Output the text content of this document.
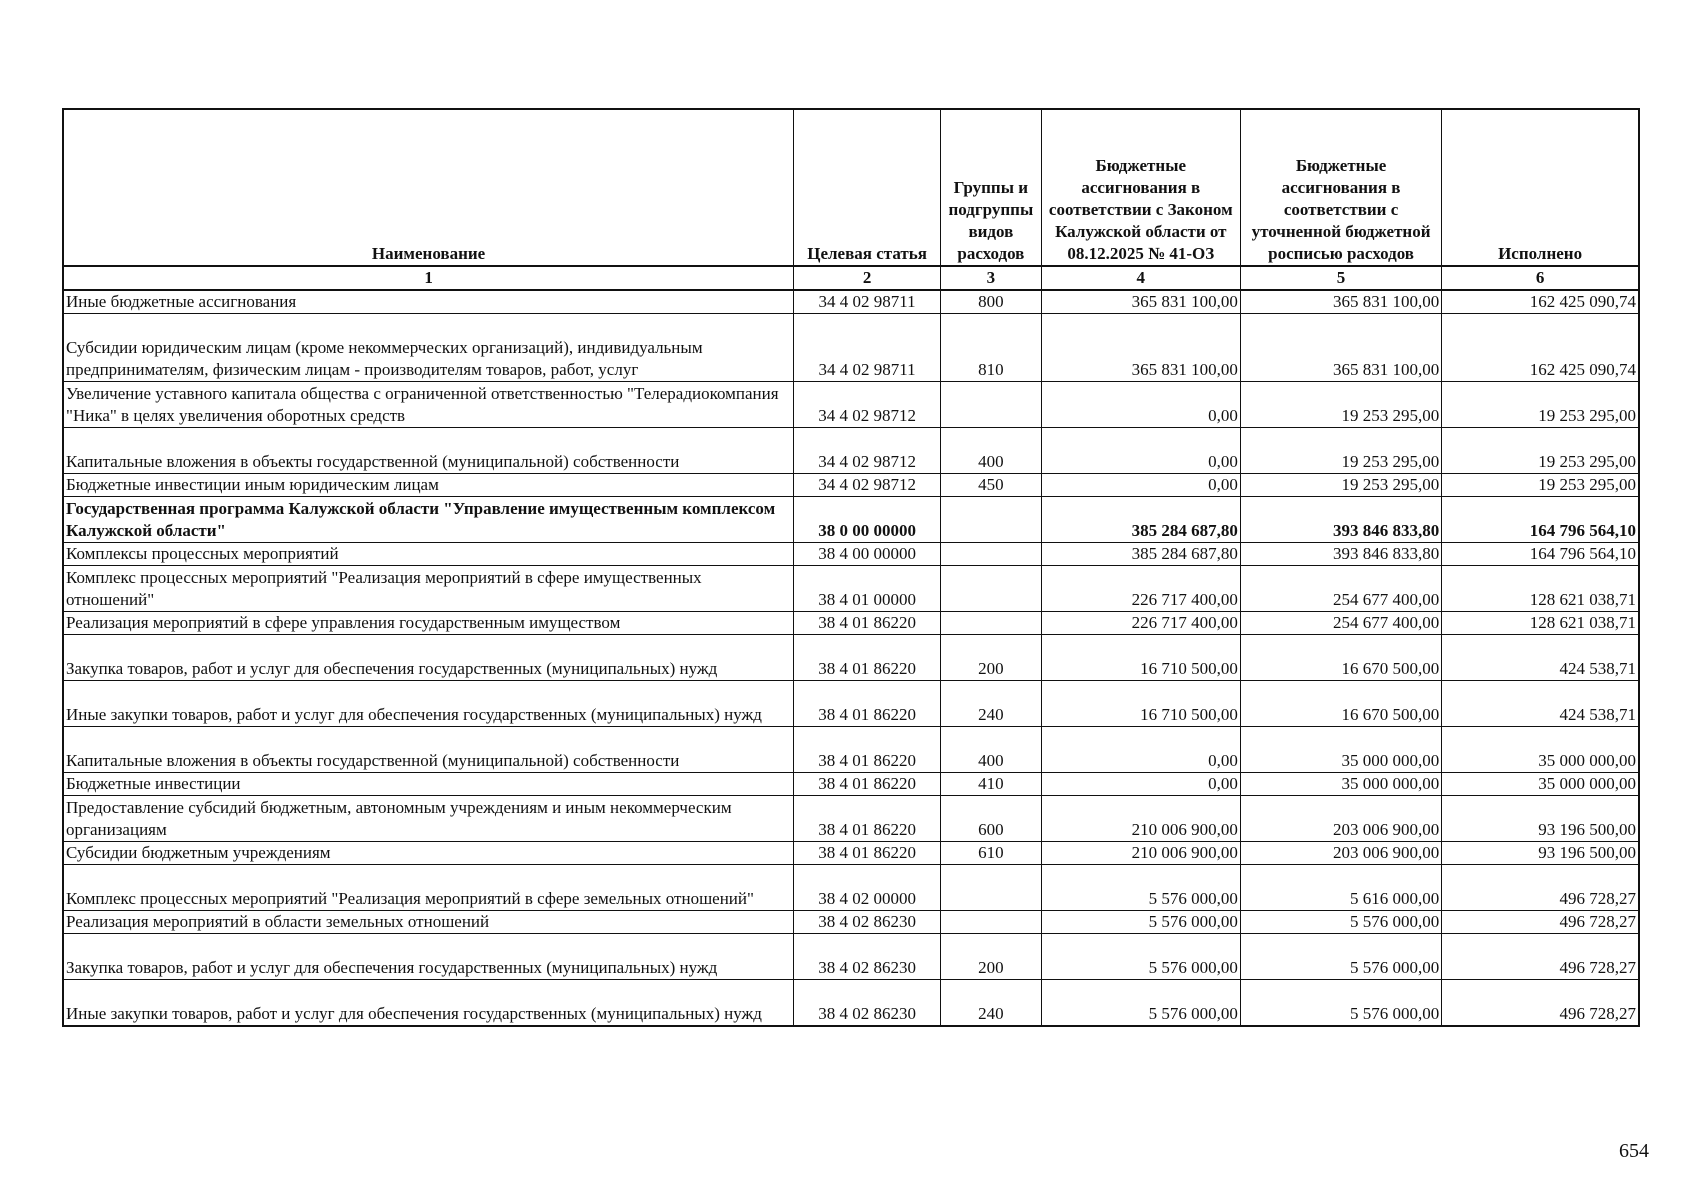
Наименование	Целевая статья	Группы и подгруппы видов расходов	Бюджетные ассигнования в соответствии с Законом Калужской области от 08.12.2025 № 41-ОЗ	Бюджетные ассигнования в соответствии с уточненной бюджетной росписью расходов	Исполнено
1	2	3	4	5	6
Иные бюджетные ассигнования	34 4 02 98711	800	365 831 100,00	365 831 100,00	162 425 090,74
Субсидии юридическим лицам (кроме некоммерческих организаций), индивидуальным предпринимателям, физическим лицам - производителям товаров, работ, услуг	34 4 02 98711	810	365 831 100,00	365 831 100,00	162 425 090,74
Увеличение уставного капитала общества с ограниченной ответственностью "Телерадиокомпания "Ника" в целях увеличения оборотных средств	34 4 02 98712		0,00	19 253 295,00	19 253 295,00
Капитальные вложения в объекты государственной (муниципальной) собственности	34 4 02 98712	400	0,00	19 253 295,00	19 253 295,00
Бюджетные инвестиции иным юридическим лицам	34 4 02 98712	450	0,00	19 253 295,00	19 253 295,00
Государственная программа Калужской области "Управление имущественным комплексом Калужской области"	38 0 00 00000		385 284 687,80	393 846 833,80	164 796 564,10
Комплексы процессных мероприятий	38 4 00 00000		385 284 687,80	393 846 833,80	164 796 564,10
Комплекс процессных мероприятий "Реализация мероприятий в сфере имущественных отношений"	38 4 01 00000		226 717 400,00	254 677 400,00	128 621 038,71
Реализация мероприятий в сфере управления государственным имуществом	38 4 01 86220		226 717 400,00	254 677 400,00	128 621 038,71
Закупка товаров, работ и услуг для обеспечения государственных (муниципальных) нужд	38 4 01 86220	200	16 710 500,00	16 670 500,00	424 538,71
Иные закупки товаров, работ и услуг для обеспечения государственных (муниципальных) нужд	38 4 01 86220	240	16 710 500,00	16 670 500,00	424 538,71
Капитальные вложения в объекты государственной (муниципальной) собственности	38 4 01 86220	400	0,00	35 000 000,00	35 000 000,00
Бюджетные инвестиции	38 4 01 86220	410	0,00	35 000 000,00	35 000 000,00
Предоставление субсидий бюджетным, автономным учреждениям и иным некоммерческим организациям	38 4 01 86220	600	210 006 900,00	203 006 900,00	93 196 500,00
Субсидии бюджетным учреждениям	38 4 01 86220	610	210 006 900,00	203 006 900,00	93 196 500,00
Комплекс процессных мероприятий "Реализация мероприятий в сфере земельных отношений"	38 4 02 00000		5 576 000,00	5 616 000,00	496 728,27
Реализация мероприятий в области земельных отношений	38 4 02 86230		5 576 000,00	5 576 000,00	496 728,27
Закупка товаров, работ и услуг для обеспечения государственных (муниципальных) нужд	38 4 02 86230	200	5 576 000,00	5 576 000,00	496 728,27
Иные закупки товаров, работ и услуг для обеспечения государственных (муниципальных) нужд	38 4 02 86230	240	5 576 000,00	5 576 000,00	496 728,27
654
